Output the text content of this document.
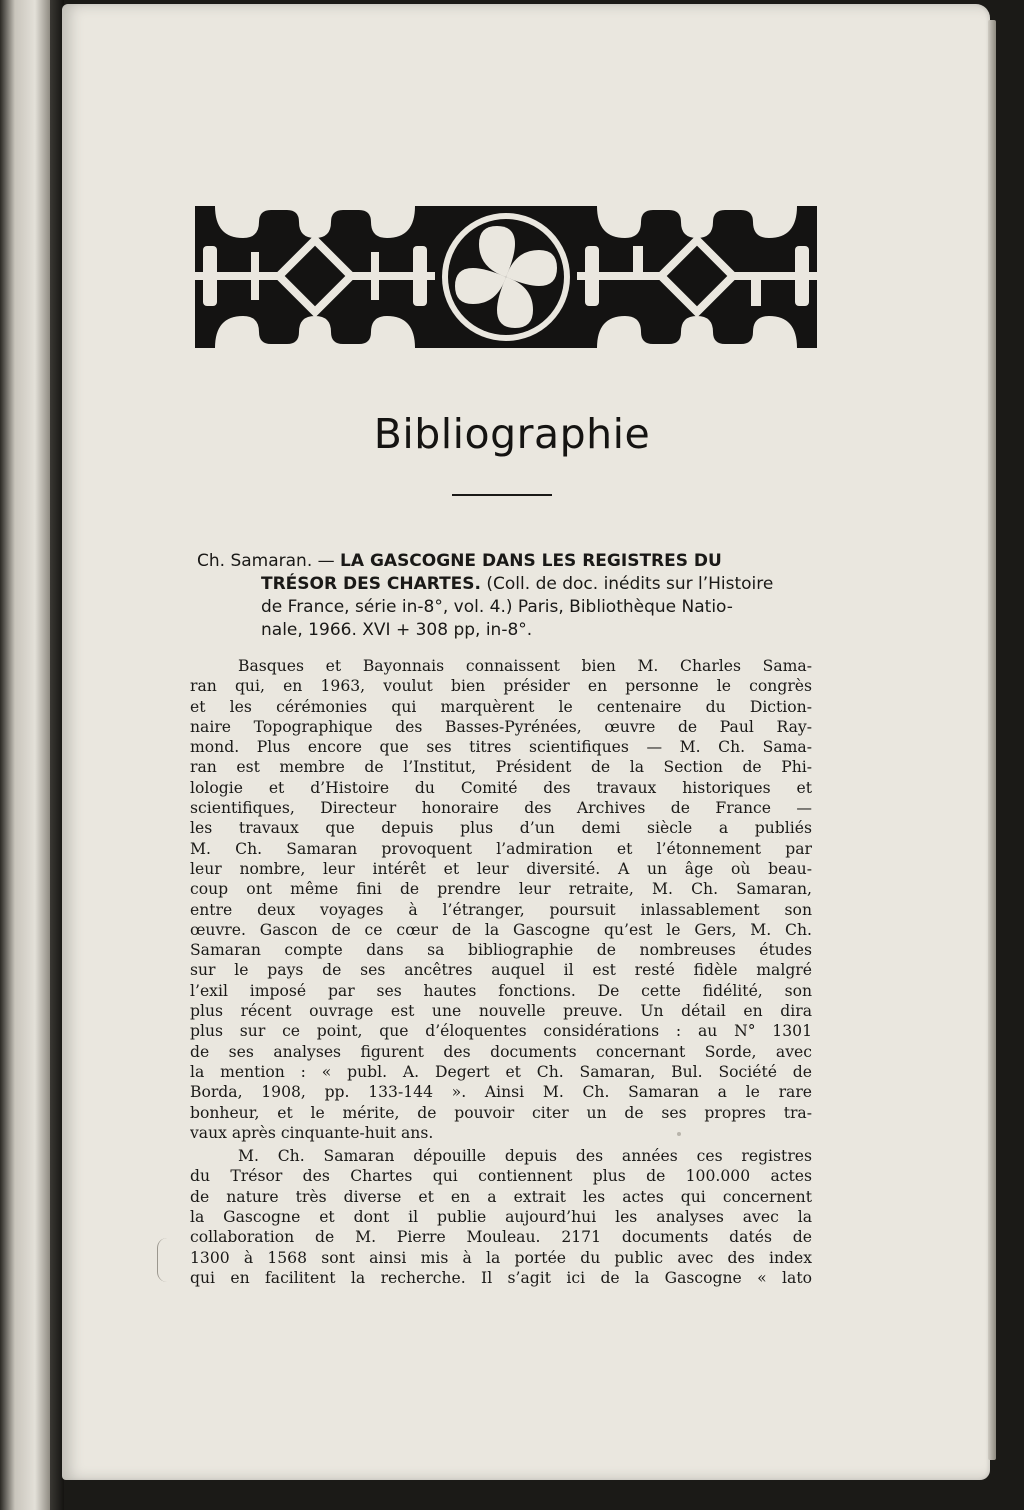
Bibliographie
Ch. Samaran. — LA GASCOGNE DANS LES REGISTRES DU
TRÉSOR DES CHARTES. (Coll. de doc. inédits sur l’Histoire
de France, série in-8°, vol. 4.) Paris, Bibliothèque Natio-
nale, 1966. XVI + 308 pp, in-8°.
Basques et Bayonnais connaissent bien M. Charles Sama-
ran qui, en 1963, voulut bien présider en personne le congrès
et les cérémonies qui marquèrent le centenaire du Diction-
naire Topographique des Basses-Pyrénées, œuvre de Paul Ray-
mond. Plus encore que ses titres scientifiques — M. Ch. Sama-
ran est membre de l’Institut, Président de la Section de Phi-
lologie et d’Histoire du Comité des travaux historiques et
scientifiques, Directeur honoraire des Archives de France —
les travaux que depuis plus d’un demi siècle a publiés
M. Ch. Samaran provoquent l’admiration et l’étonnement par
leur nombre, leur intérêt et leur diversité. A un âge où beau-
coup ont même fini de prendre leur retraite, M. Ch. Samaran,
entre deux voyages à l’étranger, poursuit inlassablement son
œuvre. Gascon de ce cœur de la Gascogne qu’est le Gers, M. Ch.
Samaran compte dans sa bibliographie de nombreuses études
sur le pays de ses ancêtres auquel il est resté fidèle malgré
l’exil imposé par ses hautes fonctions. De cette fidélité, son
plus récent ouvrage est une nouvelle preuve. Un détail en dira
plus sur ce point, que d’éloquentes considérations : au N° 1301
de ses analyses figurent des documents concernant Sorde, avec
la mention : « publ. A. Degert et Ch. Samaran, Bul. Société de
Borda, 1908, pp. 133-144 ». Ainsi M. Ch. Samaran a le rare
bonheur, et le mérite, de pouvoir citer un de ses propres tra-
vaux après cinquante-huit ans.
M. Ch. Samaran dépouille depuis des années ces registres
du Trésor des Chartes qui contiennent plus de 100.000 actes
de nature très diverse et en a extrait les actes qui concernent
la Gascogne et dont il publie aujourd’hui les analyses avec la
collaboration de M. Pierre Mouleau. 2171 documents datés de
1300 à 1568 sont ainsi mis à la portée du public avec des index
qui en facilitent la recherche. Il s’agit ici de la Gascogne « lato
